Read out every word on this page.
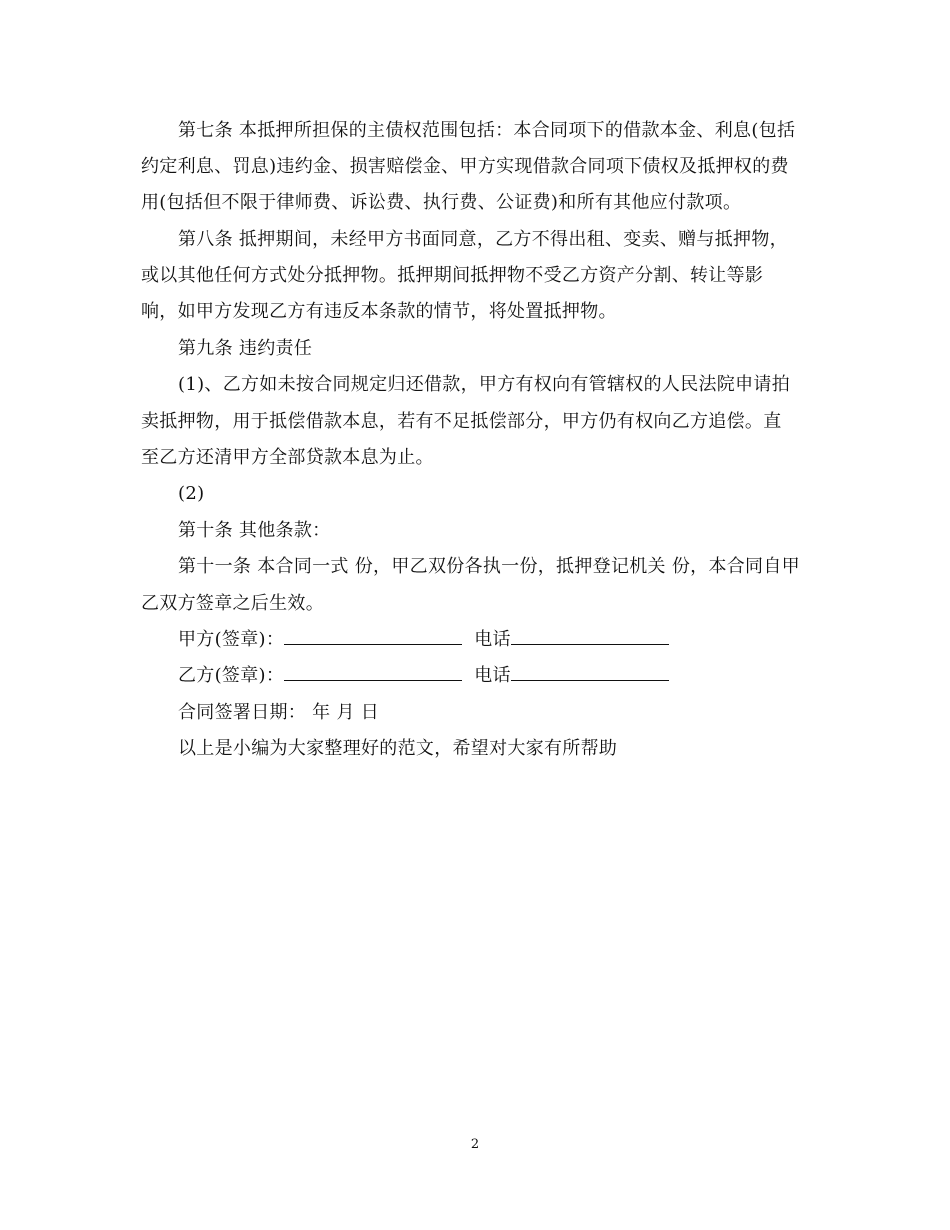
第七条 本抵押所担保的主债权范围包括：本合同项下的借款本金、利息(包括
约定利息、罚息)违约金、损害赔偿金、甲方实现借款合同项下债权及抵押权的费
用(包括但不限于律师费、诉讼费、执行费、公证费)和所有其他应付款项。
第八条 抵押期间，未经甲方书面同意，乙方不得出租、变卖、赠与抵押物，
或以其他任何方式处分抵押物。抵押期间抵押物不受乙方资产分割、转让等影
响，如甲方发现乙方有违反本条款的情节，将处置抵押物。
第九条 违约责任
(1)、乙方如未按合同规定归还借款，甲方有权向有管辖权的人民法院申请拍
卖抵押物，用于抵偿借款本息，若有不足抵偿部分，甲方仍有权向乙方追偿。直
至乙方还清甲方全部贷款本息为止。
(2)
第十条 其他条款：
第十一条 本合同一式 份，甲乙双份各执一份，抵押登记机关 份，本合同自甲
乙双方签章之后生效。
甲方(签章)：	电话
乙方(签章)：	电话
合同签署日期： 年 月 日
以上是小编为大家整理好的范文，希望对大家有所帮助
2
